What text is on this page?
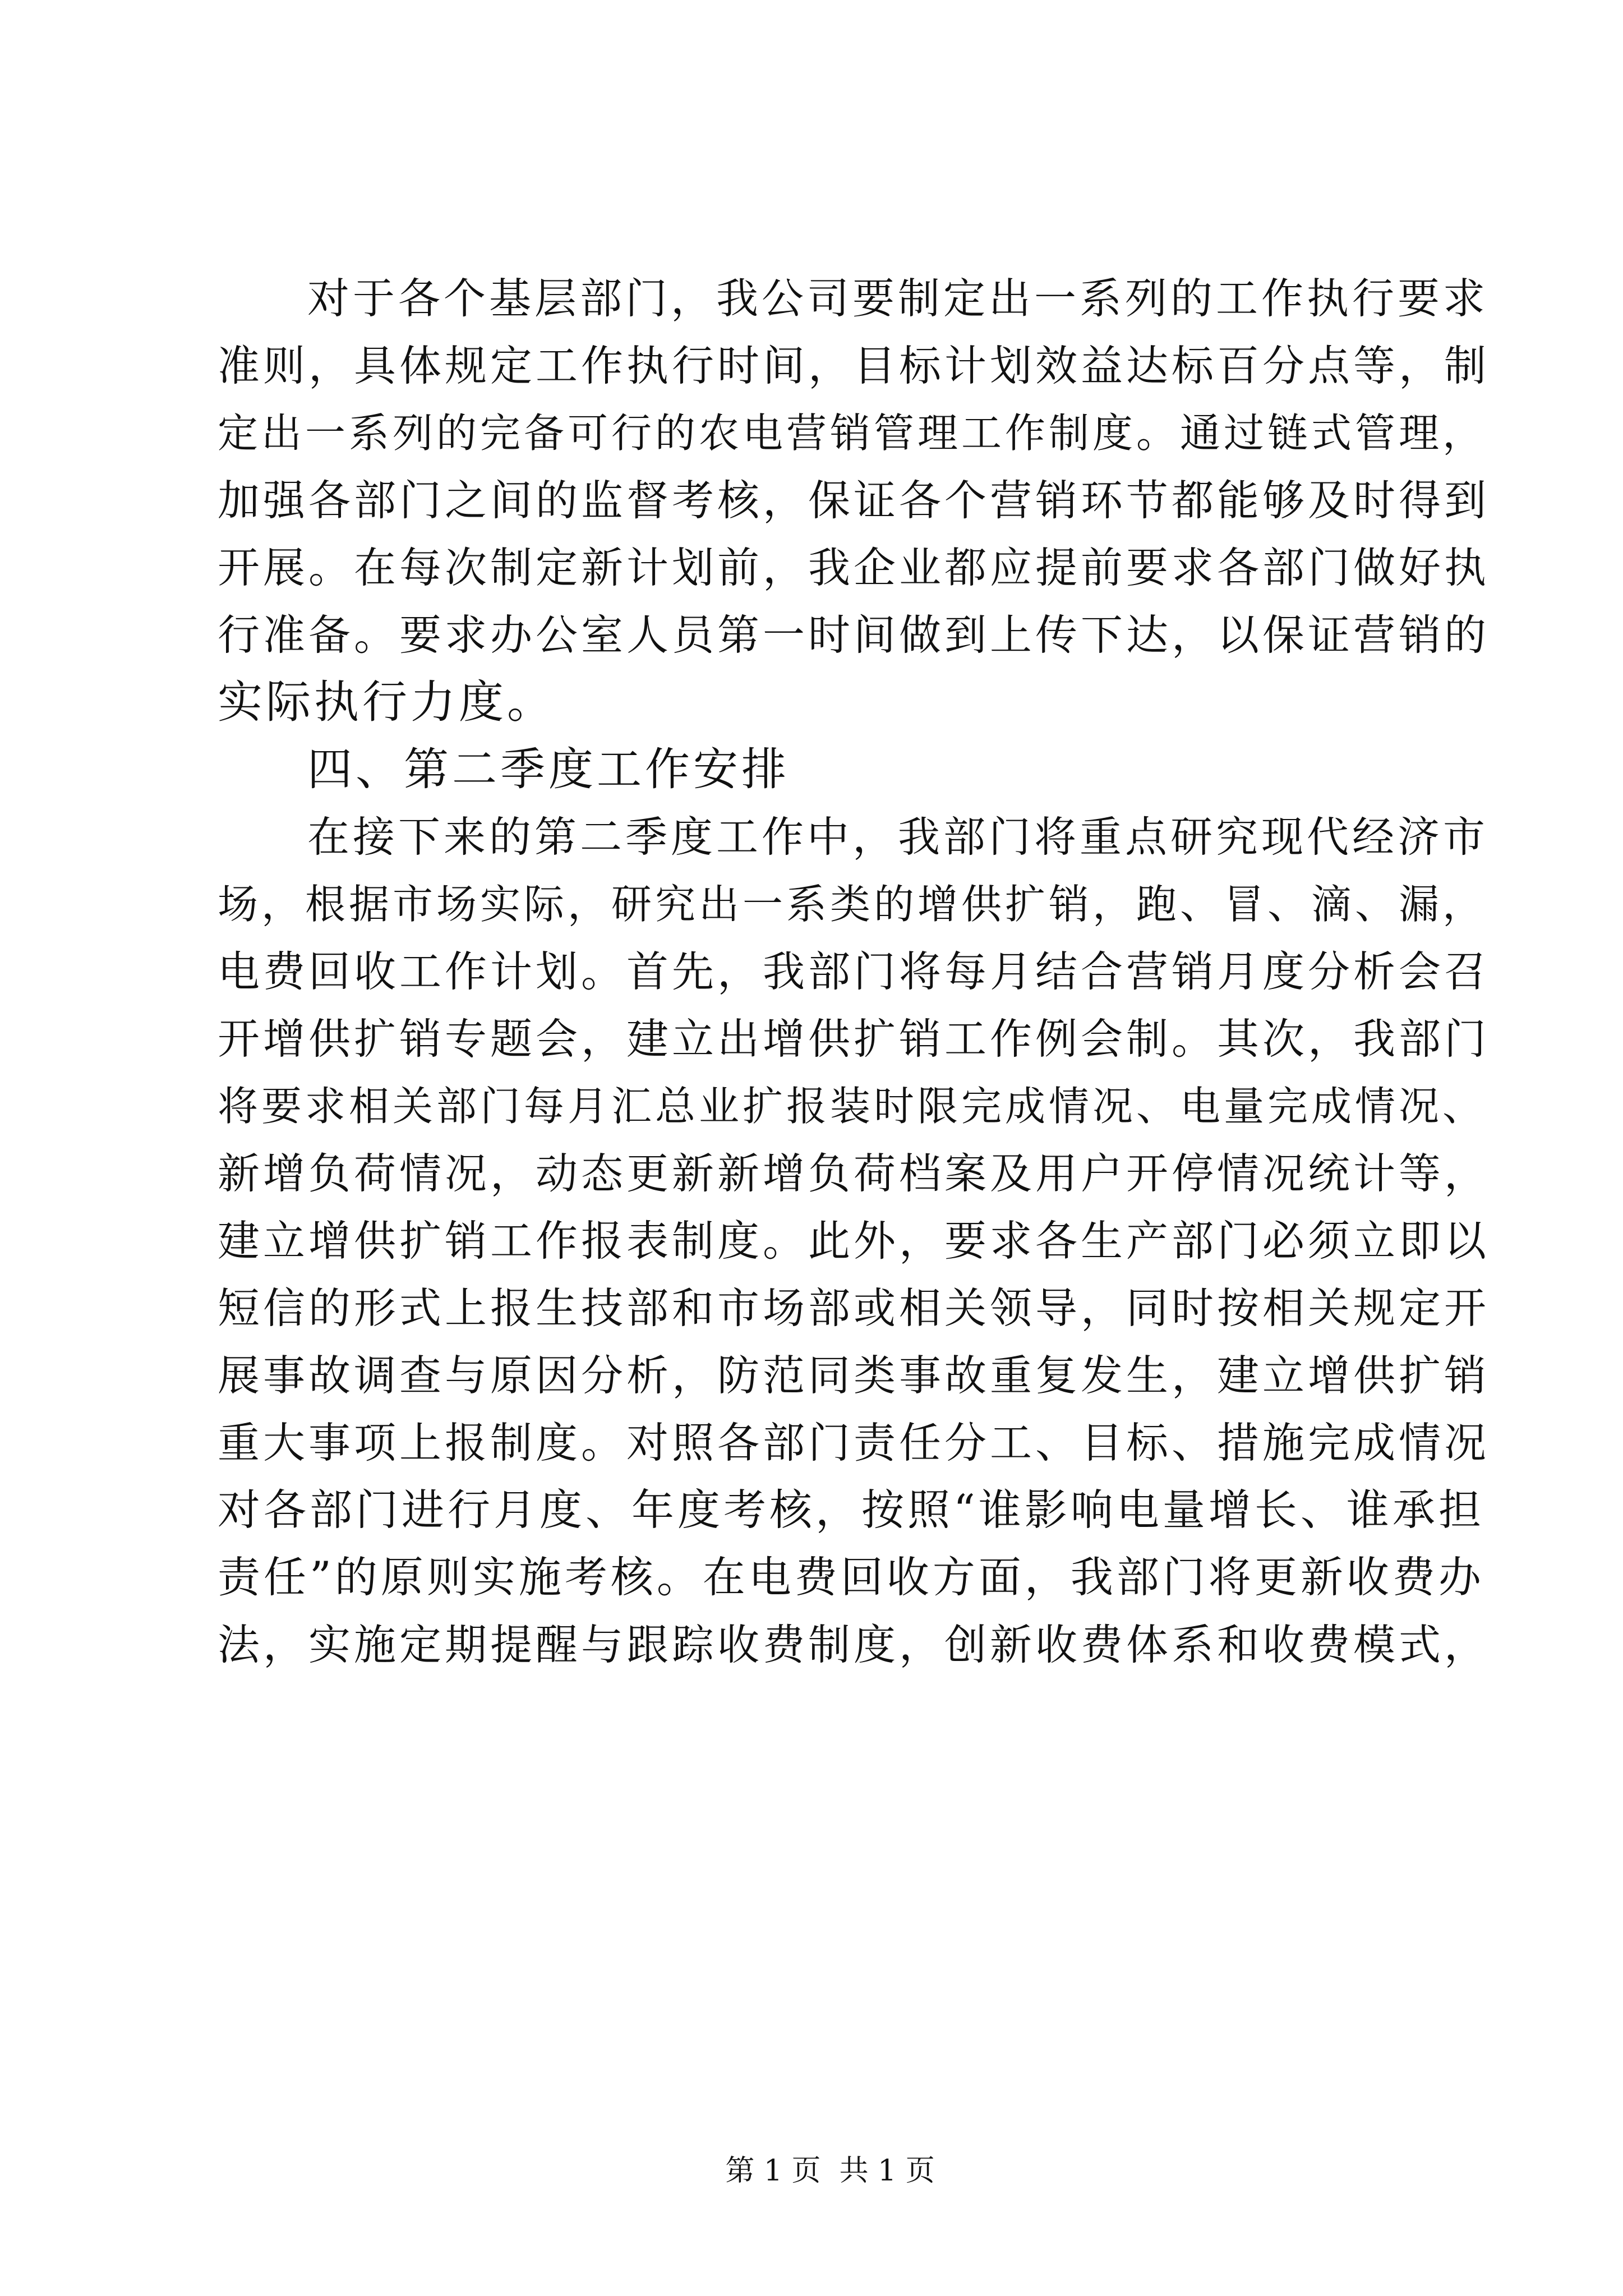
对于各个基层部门，我公司要制定出一系列的工作执行要求
准则，具体规定工作执行时间，目标计划效益达标百分点等，制
定出一系列的完备可行的农电营销管理工作制度。通过链式管理，
加强各部门之间的监督考核，保证各个营销环节都能够及时得到
开展。在每次制定新计划前，我企业都应提前要求各部门做好执
行准备。要求办公室人员第一时间做到上传下达，以保证营销的
实际执行力度。
四、第二季度工作安排
在接下来的第二季度工作中，我部门将重点研究现代经济市
场，根据市场实际，研究出一系类的增供扩销，跑、冒、滴、漏，
电费回收工作计划。首先，我部门将每月结合营销月度分析会召
开增供扩销专题会，建立出增供扩销工作例会制。其次，我部门
将要求相关部门每月汇总业扩报装时限完成情况、电量完成情况、
新增负荷情况，动态更新新增负荷档案及用户开停情况统计等，
建立增供扩销工作报表制度。此外，要求各生产部门必须立即以
短信的形式上报生技部和市场部或相关领导，同时按相关规定开
展事故调查与原因分析，防范同类事故重复发生，建立增供扩销
重大事项上报制度。对照各部门责任分工、目标、措施完成情况
对各部门进行月度、年度考核，按照“谁影响电量增长、谁承担
责任”的原则实施考核。在电费回收方面，我部门将更新收费办
法，实施定期提醒与跟踪收费制度，创新收费体系和收费模式，

第 1 页  共 1 页
